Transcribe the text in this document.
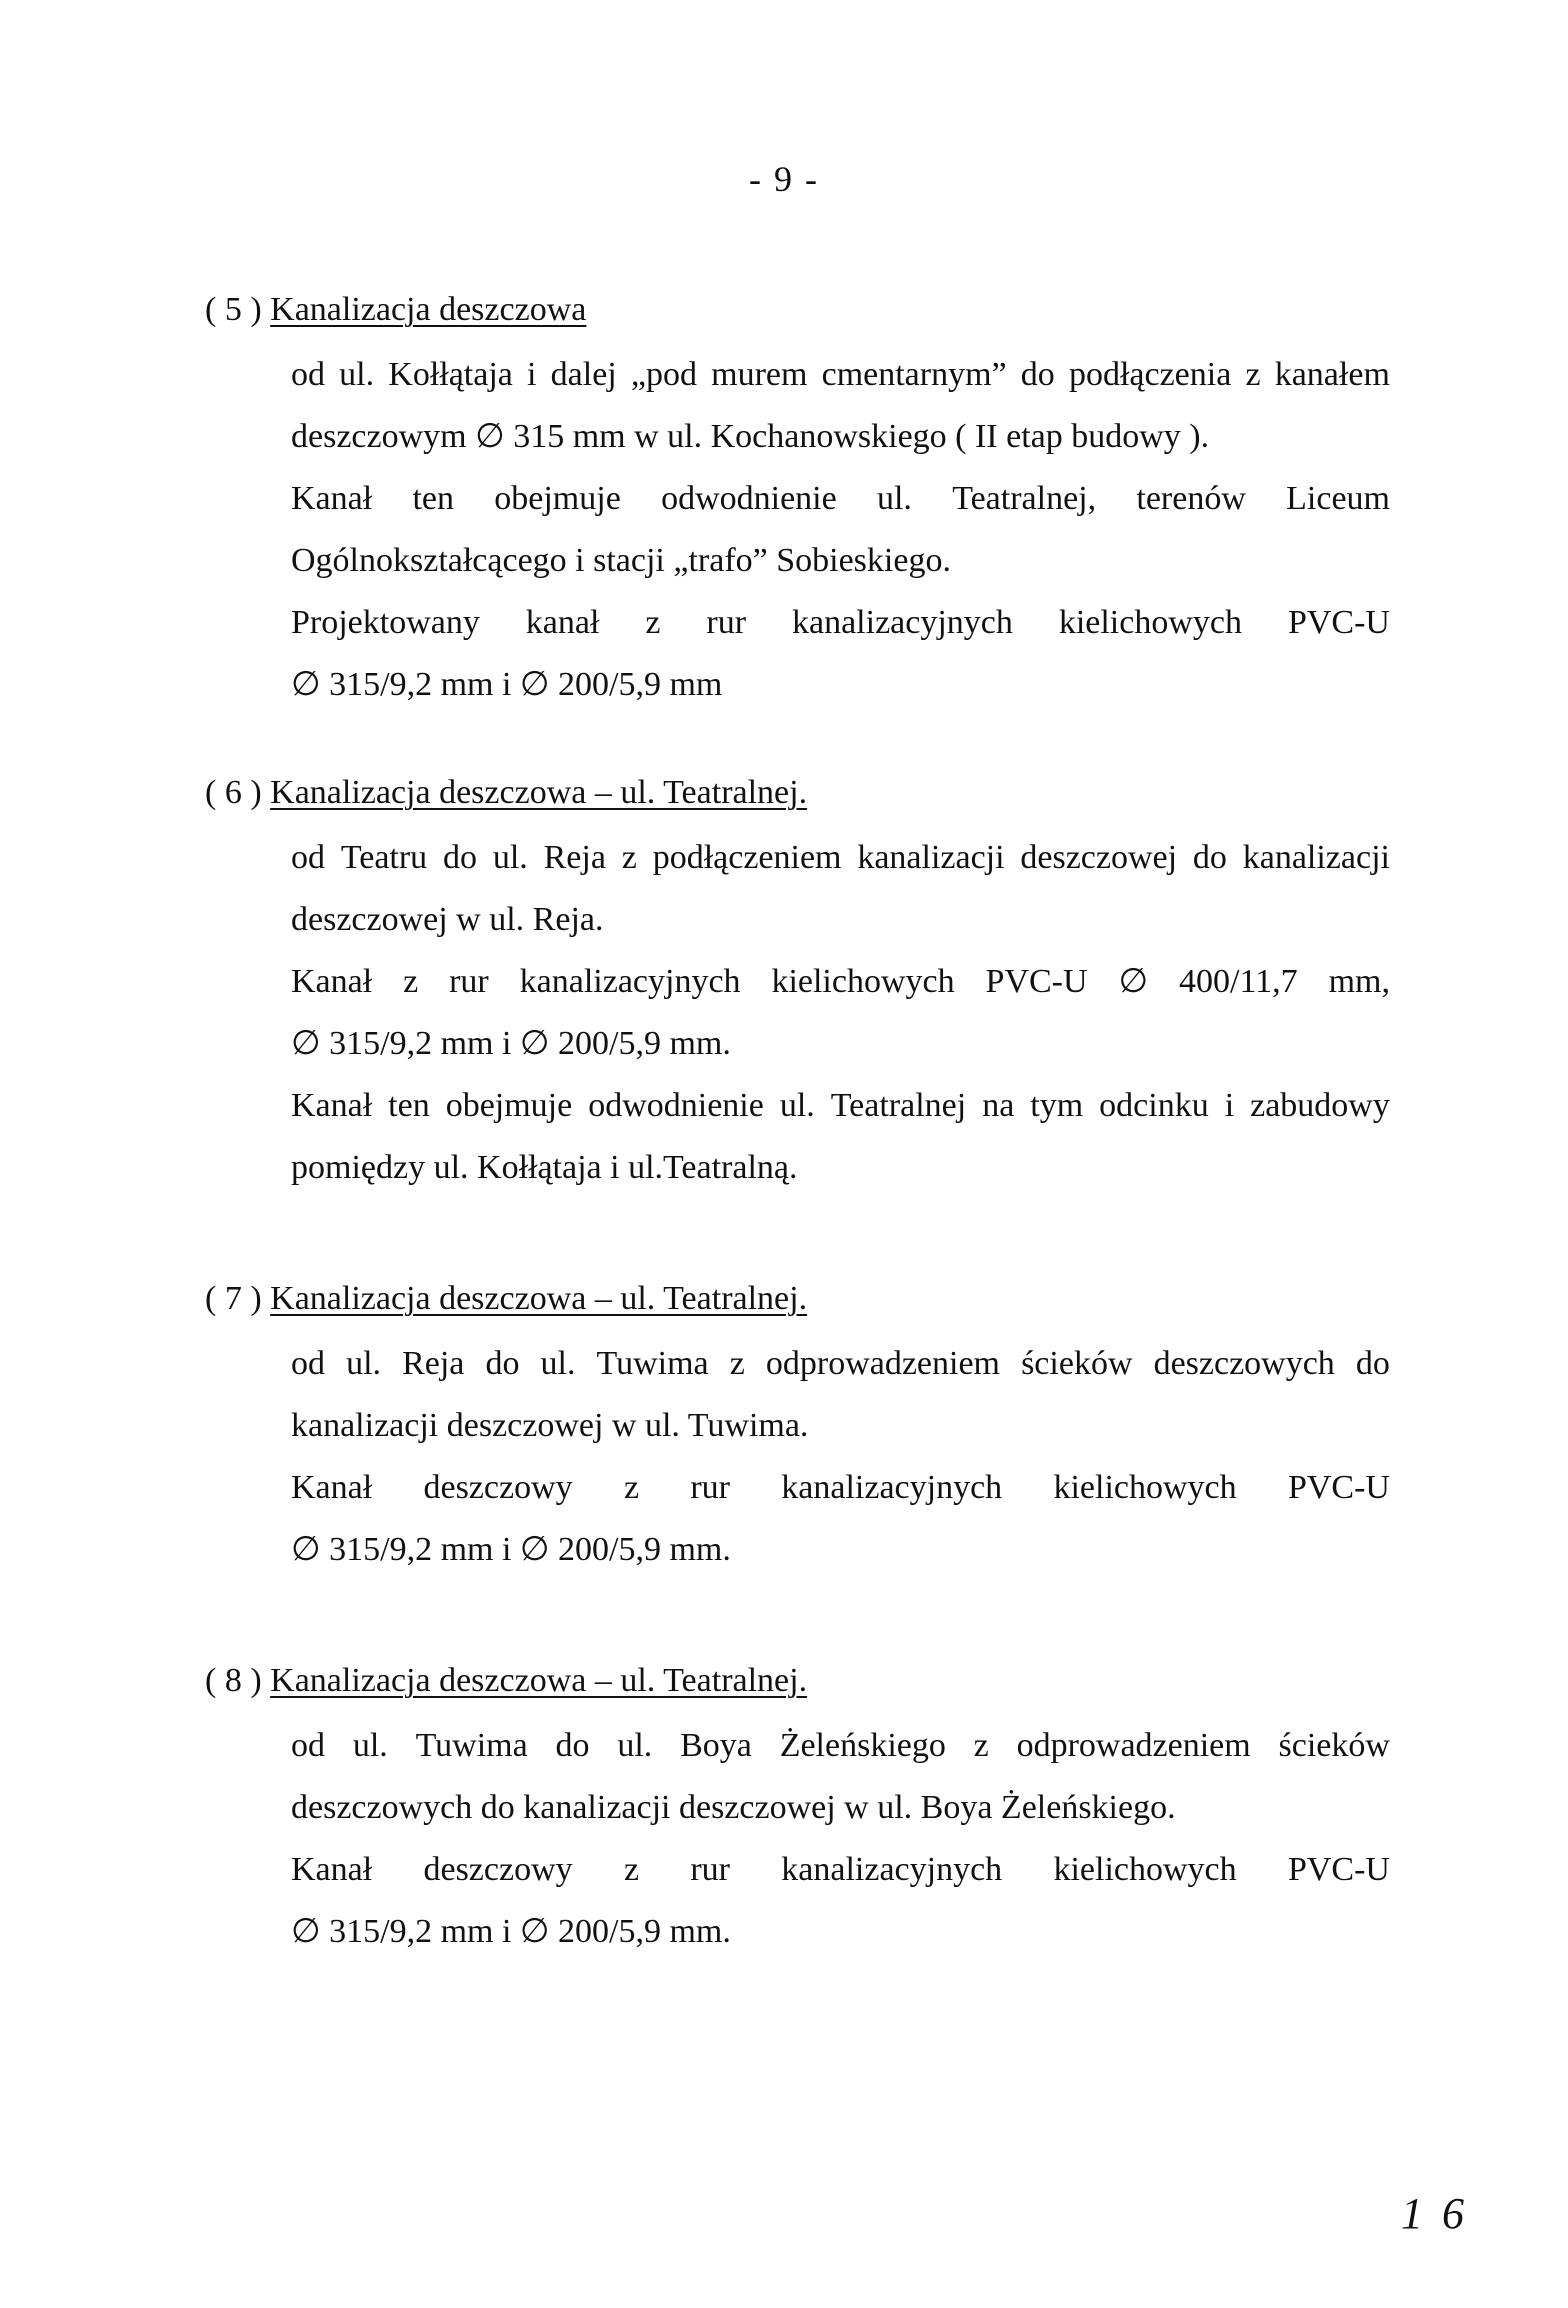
- 9 -
( 5 ) Kanalizacja deszczowa
od ul. Kołłątaja i dalej „pod murem cmentarnym” do podłączenia z kanałem
deszczowym ∅ 315 mm w ul. Kochanowskiego ( II etap budowy ).
Kanał ten obejmuje odwodnienie ul. Teatralnej, terenów Liceum
Ogólnokształcącego i stacji „trafo” Sobieskiego.
Projektowany kanał z rur kanalizacyjnych kielichowych PVC-U
∅ 315/9,2 mm i ∅ 200/5,9 mm
( 6 ) Kanalizacja deszczowa – ul. Teatralnej.
od Teatru do ul. Reja z podłączeniem kanalizacji deszczowej do kanalizacji
deszczowej w ul. Reja.
Kanał z rur kanalizacyjnych kielichowych PVC-U ∅ 400/11,7 mm,
∅ 315/9,2 mm i ∅ 200/5,9 mm.
Kanał ten obejmuje odwodnienie ul. Teatralnej na tym odcinku i zabudowy
pomiędzy ul. Kołłątaja i ul.Teatralną.
( 7 ) Kanalizacja deszczowa – ul. Teatralnej.
od ul. Reja do ul. Tuwima z odprowadzeniem ścieków deszczowych do
kanalizacji deszczowej w ul. Tuwima.
Kanał deszczowy z rur kanalizacyjnych kielichowych PVC-U
∅ 315/9,2 mm i ∅ 200/5,9 mm.
( 8 ) Kanalizacja deszczowa – ul. Teatralnej.
od ul. Tuwima do ul. Boya Żeleńskiego z odprowadzeniem ścieków
deszczowych do kanalizacji deszczowej w ul. Boya Żeleńskiego.
Kanał deszczowy z rur kanalizacyjnych kielichowych PVC-U
∅ 315/9,2 mm i ∅ 200/5,9 mm.
1 6
